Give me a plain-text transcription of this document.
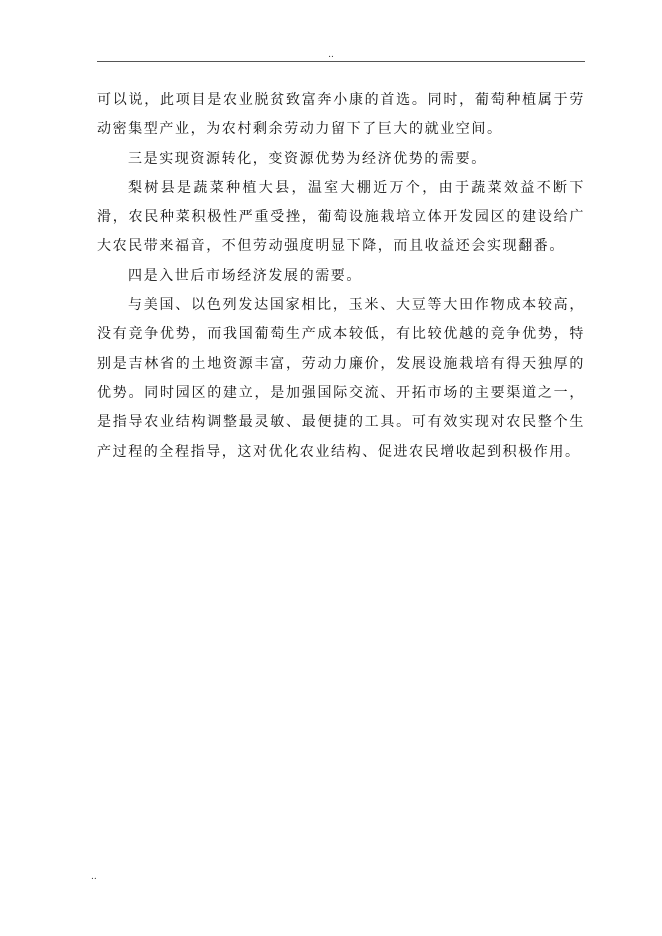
..

可以说，此项目是农业脱贫致富奔小康的首选。同时，葡萄种植属于劳动密集型产业，为农村剩余劳动力留下了巨大的就业空间。

三是实现资源转化，变资源优势为经济优势的需要。

梨树县是蔬菜种植大县，温室大棚近万个，由于蔬菜效益不断下滑，农民种菜积极性严重受挫，葡萄设施栽培立体开发园区的建设给广大农民带来福音，不但劳动强度明显下降，而且收益还会实现翻番。

四是入世后市场经济发展的需要。

与美国、以色列发达国家相比，玉米、大豆等大田作物成本较高，没有竞争优势，而我国葡萄生产成本较低，有比较优越的竞争优势，特别是吉林省的土地资源丰富，劳动力廉价，发展设施栽培有得天独厚的优势。同时园区的建立，是加强国际交流、开拓市场的主要渠道之一，是指导农业结构调整最灵敏、最便捷的工具。可有效实现对农民整个生产过程的全程指导，这对优化农业结构、促进农民增收起到积极作用。

..
